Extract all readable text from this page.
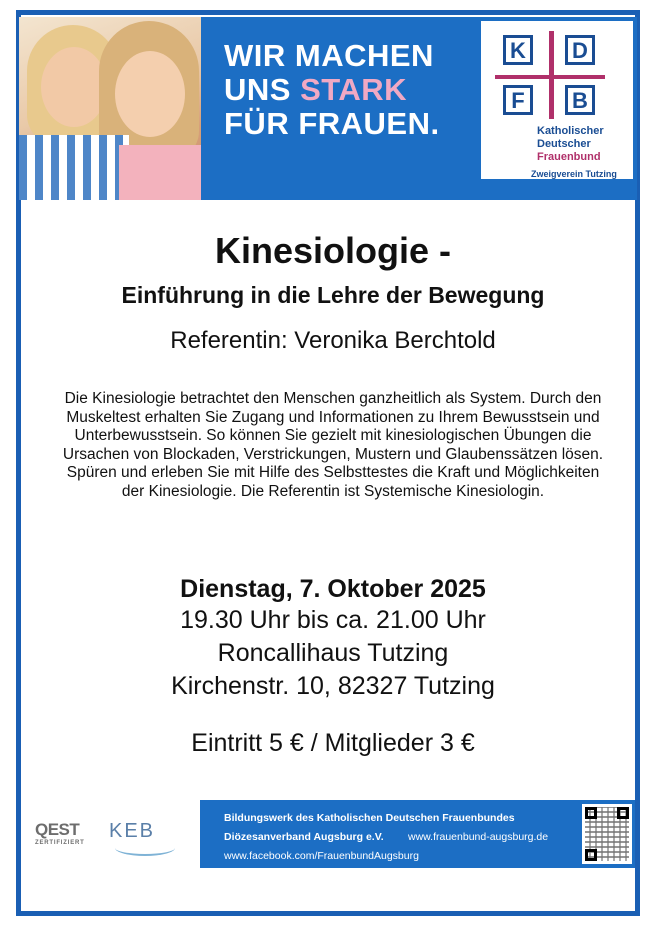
WIR MACHEN
UNS STARK
FÜR FRAUEN.
K	D
F	B
Katholischer
Deutscher
Frauenbund
Zweigverein Tutzing
Kinesiologie -
Einführung in die Lehre der Bewegung
Referentin: Veronika Berchtold
Die Kinesiologie betrachtet den Menschen ganzheitlich als System. Durch den Muskeltest erhalten Sie Zugang und Informationen zu Ihrem Bewusstsein und Unterbewusstsein. So können Sie gezielt mit kinesiologischen Übungen die Ursachen von Blockaden, Verstrickungen, Mustern und Glaubenssätzen lösen. Spüren und erleben Sie mit Hilfe des Selbsttestes die Kraft und Möglichkeiten der Kinesiologie. Die Referentin ist Systemische Kinesiologin.
Dienstag, 7. Oktober 2025
19.30 Uhr bis ca. 21.00 Uhr
Roncallihaus Tutzing
Kirchenstr. 10, 82327 Tutzing
Eintritt 5 € / Mitglieder 3 €
QEST
ZERTIFIZIERT
KEB
Bildungswerk des Katholischen Deutschen Frauenbundes
Diözesanverband Augsburg e.V. www.frauenbund-augsburg.de
www.facebook.com/FrauenbundAugsburg
